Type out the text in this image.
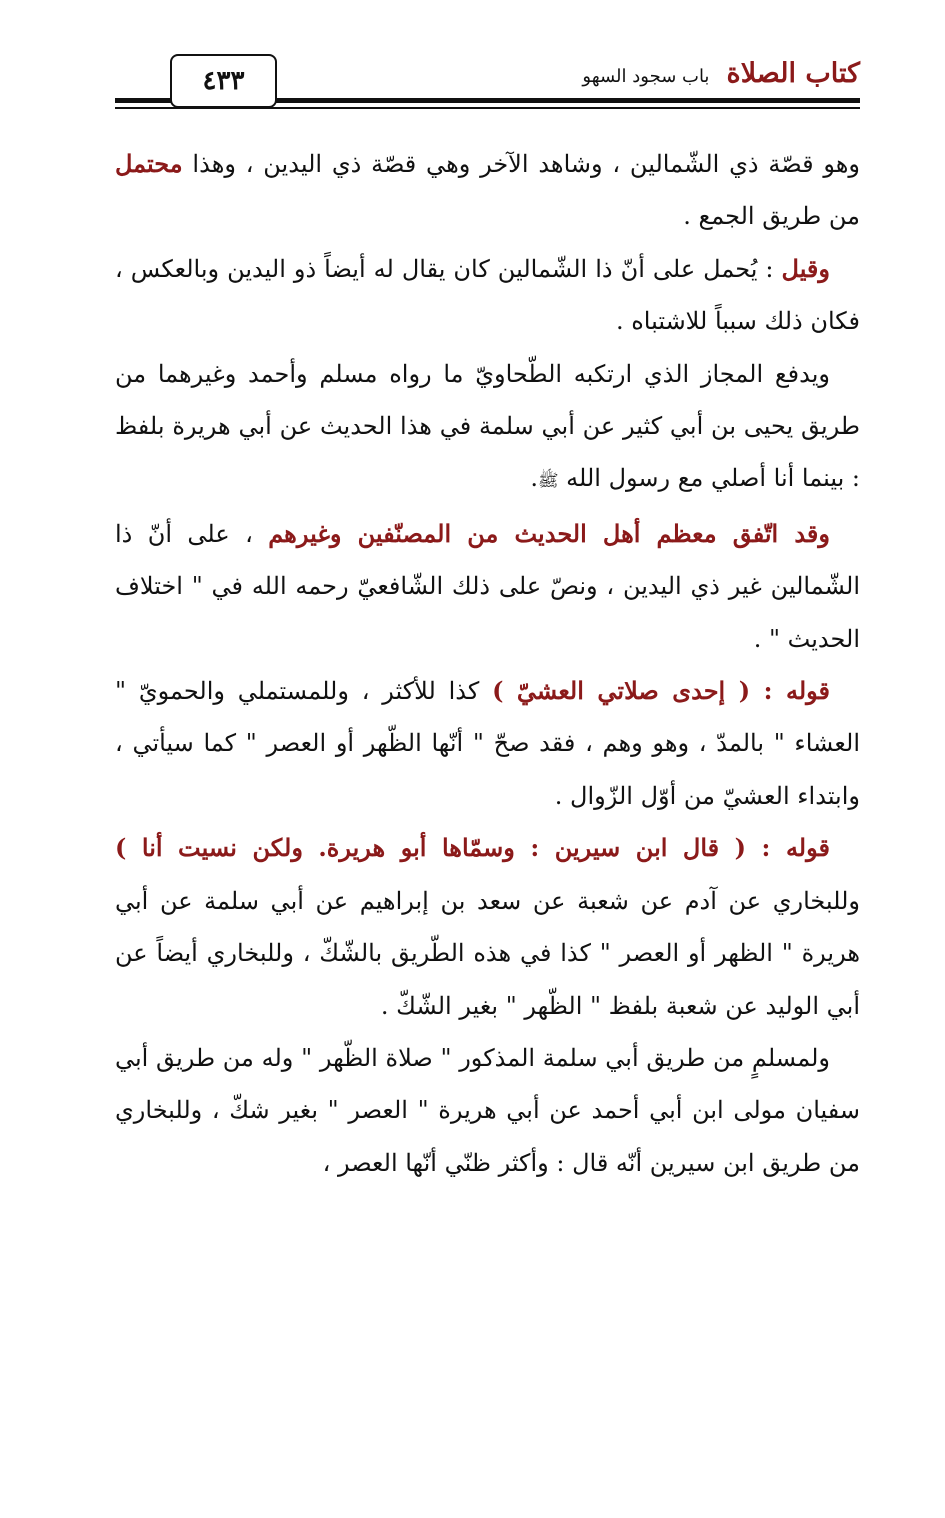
٤٣٣	كتاب الصلاة باب سجود السهو

وهو قصّة ذي الشّمالين ، وشاهد الآخر وهي قصّة ذي اليدين ، وهذا محتمل من طريق الجمع .

وقيل : يُحمل على أنّ ذا الشّمالين كان يقال له أيضاً ذو اليدين وبالعكس ، فكان ذلك سبباً للاشتباه .

ويدفع المجاز الذي ارتكبه الطّحاويّ ما رواه مسلم وأحمد وغيرهما من طريق يحيى بن أبي كثير عن أبي سلمة في هذا الحديث عن أبي هريرة بلفظ : بينما أنا أصلي مع رسول الله ﷺ.

وقد اتّفق معظم أهل الحديث من المصنّفين وغيرهم ، على أنّ ذا الشّمالين غير ذي اليدين ، ونصّ على ذلك الشّافعيّ رحمه الله في " اختلاف الحديث " .

قوله : ( إحدى صلاتي العشيّ ) كذا للأكثر ، وللمستملي والحمويّ " العشاء " بالمدّ ، وهو وهم ، فقد صحّ " أنّها الظّهر أو العصر " كما سيأتي ، وابتداء العشيّ من أوّل الزّوال .

قوله : ( قال ابن سيرين : وسمّاها أبو هريرة. ولكن نسيت أنا ) وللبخاري عن آدم عن شعبة عن سعد بن إبراهيم عن أبي سلمة عن أبي هريرة " الظهر أو العصر " كذا في هذه الطّريق بالشّكّ ، وللبخاري أيضاً عن أبي الوليد عن شعبة بلفظ " الظّهر " بغير الشّكّ .

ولمسلمٍ من طريق أبي سلمة المذكور " صلاة الظّهر " وله من طريق أبي سفيان مولى ابن أبي أحمد عن أبي هريرة " العصر " بغير شكّ ، وللبخاري من طريق ابن سيرين أنّه قال : وأكثر ظنّي أنّها العصر ،
